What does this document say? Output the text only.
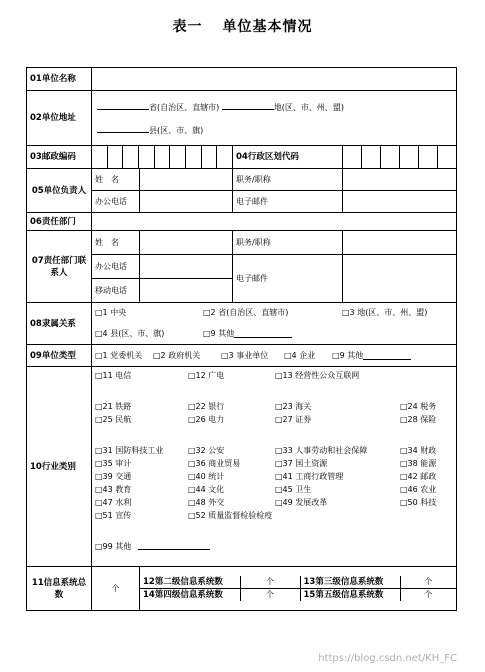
表一 单位基本情况
01单位名称	
02单位地址	
省(自治区、直辖市)	地(区、市、州、盟)
县(区、市、旗)

03邮政编码		04行政区划代码	

05单位负责人	姓　名		职务/职称	
办公电话		电子邮件	
06责任部门	
07责任部门联系人	姓　名		职务/职称	
办公电话		电子邮件	
移动电话	
08隶属关系	
□1 中央	□2 省(自治区、直辖市)	□3 地(区、市、州、盟)
□4 县(区、市、旗)	□9 其他

09单位类型	□1 党委机关	□2 政府机关	□3 事业单位	□4 企业	□9 其他

10行业类别	
□11 电信	□12 广电	□13 经营性公众互联网
□21 铁路	□22 银行	□23 海关	□24 税务
□25 民航	□26 电力	□27 证券	□28 保险
□31 国防科技工业	□32 公安	□33 人事劳动和社会保障	□34 财政
□35 审计	□36 商业贸易	□37 国土资源	□38 能源
□39 交通	□40 统计	□41 工商行政管理	□42 邮政
□43 教育	□44 文化	□45 卫生	□46 农业
□47 水利	□48 外交	□49 发展改革	□50 科技
□51 宣传	□52 质量监督检验检疫
□99 其他

11信息系统总数	个	
12第二级信息系统数	个	13第三级信息系统数	个
14第四级信息系统数	个	15第五级信息系统数	个
https://blog.csdn.net/KH_FC
